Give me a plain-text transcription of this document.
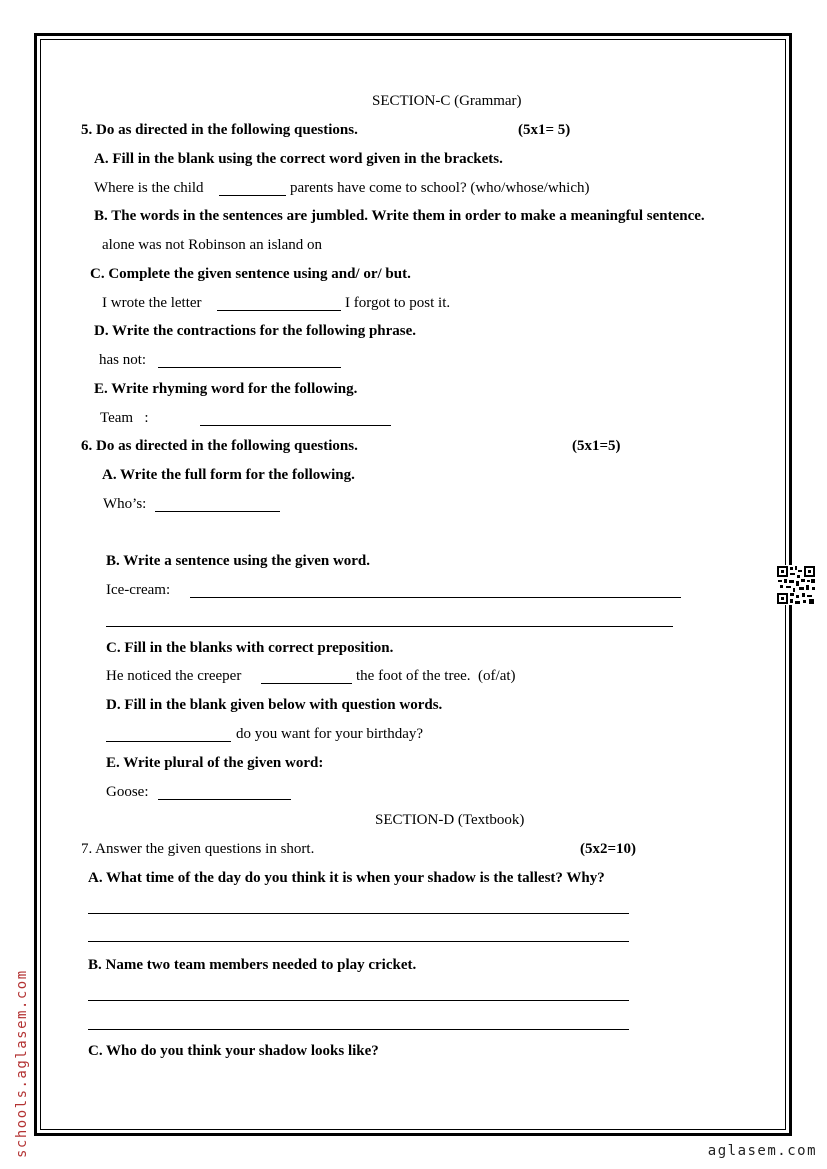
SECTION-C (Grammar)
5. Do as directed in the following questions.	(5x1= 5)
A. Fill in the blank using the correct word given in the brackets.
Where is the child	parents have come to school? (who/whose/which)
B. The words in the sentences are jumbled. Write them in order to make a meaningful sentence.
alone was not Robinson an island on
C. Complete the given sentence using and/ or/ but.
I wrote the letter	I forgot to post it.
D. Write the contractions for the following phrase.
has not:
E. Write rhyming word for the following.
Team   :
6. Do as directed in the following questions.	(5x1=5)
A. Write the full form for the following.
Who’s:
B. Write a sentence using the given word.
Ice-cream:
C. Fill in the blanks with correct preposition.
He noticed the creeper	the foot of the tree.  (of/at)
D. Fill in the blank given below with question words.
do you want for your birthday?
E. Write plural of the given word:
Goose:
SECTION-D (Textbook)
7. Answer the given questions in short.	(5x2=10)
A. What time of the day do you think it is when your shadow is the tallest? Why?
B. Name two team members needed to play cricket.
C. Who do you think your shadow looks like?
schools.aglasem.com	aglasem.com
